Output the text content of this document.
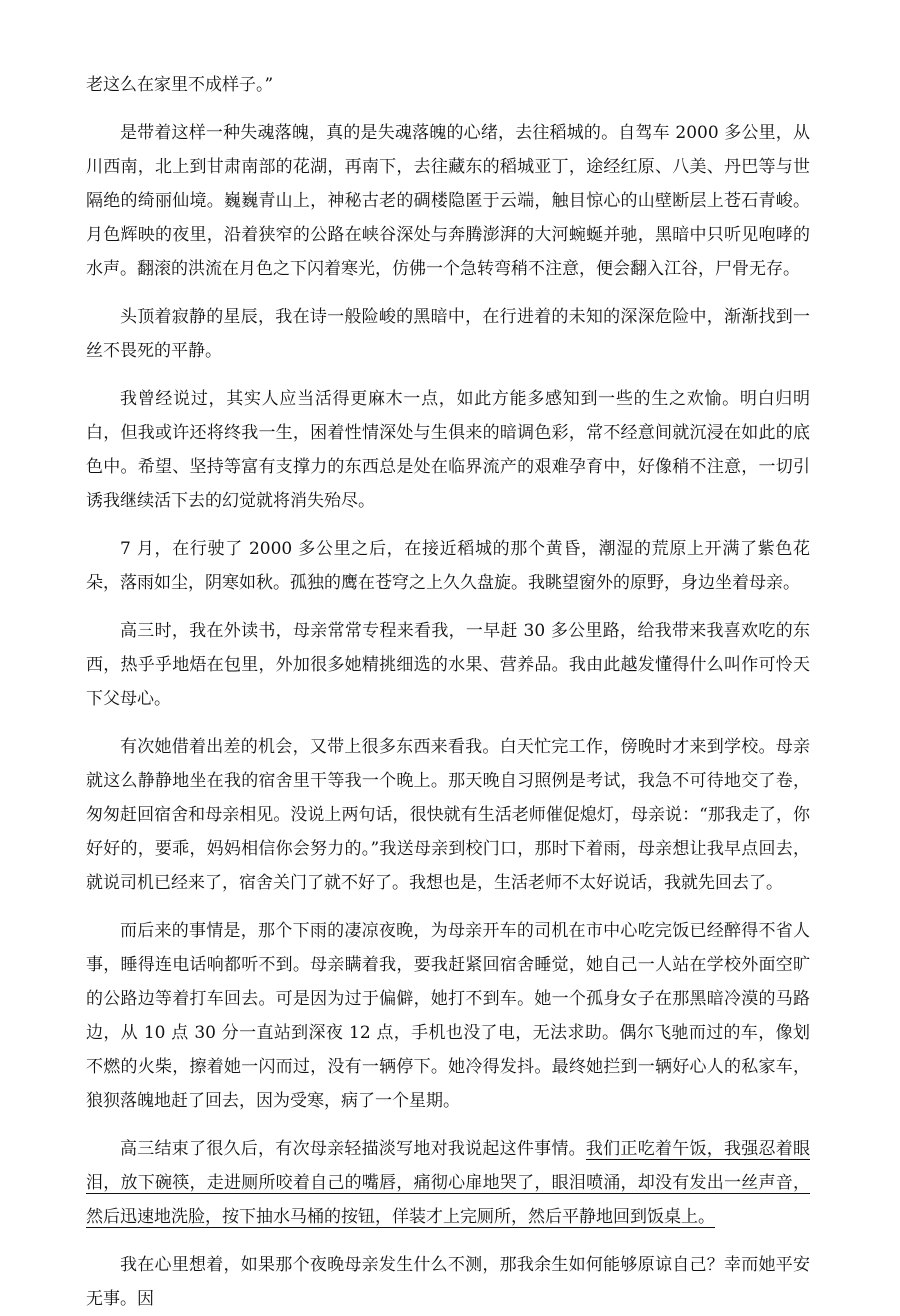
老这么在家里不成样子。”

是带着这样一种失魂落魄，真的是失魂落魄的心绪，去往稻城的。自驾车 2000 多公里，从川西南，北上到甘肃南部的花湖，再南下，去往藏东的稻城亚丁，途经红原、八美、丹巴等与世隔绝的绮丽仙境。巍巍青山上，神秘古老的碉楼隐匿于云端，触目惊心的山壁断层上苍石青峻。月色辉映的夜里，沿着狭窄的公路在峡谷深处与奔腾澎湃的大河蜿蜒并驰，黑暗中只听见咆哮的水声。翻滚的洪流在月色之下闪着寒光，仿佛一个急转弯稍不注意，便会翻入江谷，尸骨无存。

头顶着寂静的星辰，我在诗一般险峻的黑暗中，在行进着的未知的深深危险中，渐渐找到一丝不畏死的平静。

我曾经说过，其实人应当活得更麻木一点，如此方能多感知到一些的生之欢愉。明白归明白，但我或许还将终我一生，困着性情深处与生俱来的暗调色彩，常不经意间就沉浸在如此的底色中。希望、坚持等富有支撑力的东西总是处在临界流产的艰难孕育中，好像稍不注意，一切引诱我继续活下去的幻觉就将消失殆尽。

7 月，在行驶了 2000 多公里之后，在接近稻城的那个黄昏，潮湿的荒原上开满了紫色花朵，落雨如尘，阴寒如秋。孤独的鹰在苍穹之上久久盘旋。我眺望窗外的原野，身边坐着母亲。

高三时，我在外读书，母亲常常专程来看我，一早赶 30 多公里路，给我带来我喜欢吃的东西，热乎乎地焐在包里，外加很多她精挑细选的水果、营养品。我由此越发懂得什么叫作可怜天下父母心。

有次她借着出差的机会，又带上很多东西来看我。白天忙完工作，傍晚时才来到学校。母亲就这么静静地坐在我的宿舍里干等我一个晚上。那天晚自习照例是考试，我急不可待地交了卷，匆匆赶回宿舍和母亲相见。没说上两句话，很快就有生活老师催促熄灯，母亲说：“那我走了，你好好的，要乖，妈妈相信你会努力的。”我送母亲到校门口，那时下着雨，母亲想让我早点回去，就说司机已经来了，宿舍关门了就不好了。我想也是，生活老师不太好说话，我就先回去了。

而后来的事情是，那个下雨的凄凉夜晚，为母亲开车的司机在市中心吃完饭已经醉得不省人事，睡得连电话响都听不到。母亲瞒着我，要我赶紧回宿舍睡觉，她自己一人站在学校外面空旷的公路边等着打车回去。可是因为过于偏僻，她打不到车。她一个孤身女子在那黑暗冷漠的马路边，从 10 点 30 分一直站到深夜 12 点，手机也没了电，无法求助。偶尔飞驰而过的车，像划不燃的火柴，擦着她一闪而过，没有一辆停下。她冷得发抖。最终她拦到一辆好心人的私家车，狼狈落魄地赶了回去，因为受寒，病了一个星期。

高三结束了很久后，有次母亲轻描淡写地对我说起这件事情。我们正吃着午饭，我强忍着眼泪，放下碗筷，走进厕所咬着自己的嘴唇，痛彻心扉地哭了，眼泪喷涌，却没有发出一丝声音，然后迅速地洗脸，按下抽水马桶的按钮，佯装才上完厕所，然后平静地回到饭桌上。

我在心里想着，如果那个夜晚母亲发生什么不测，那我余生如何能够原谅自己？幸而她平安无事。因
